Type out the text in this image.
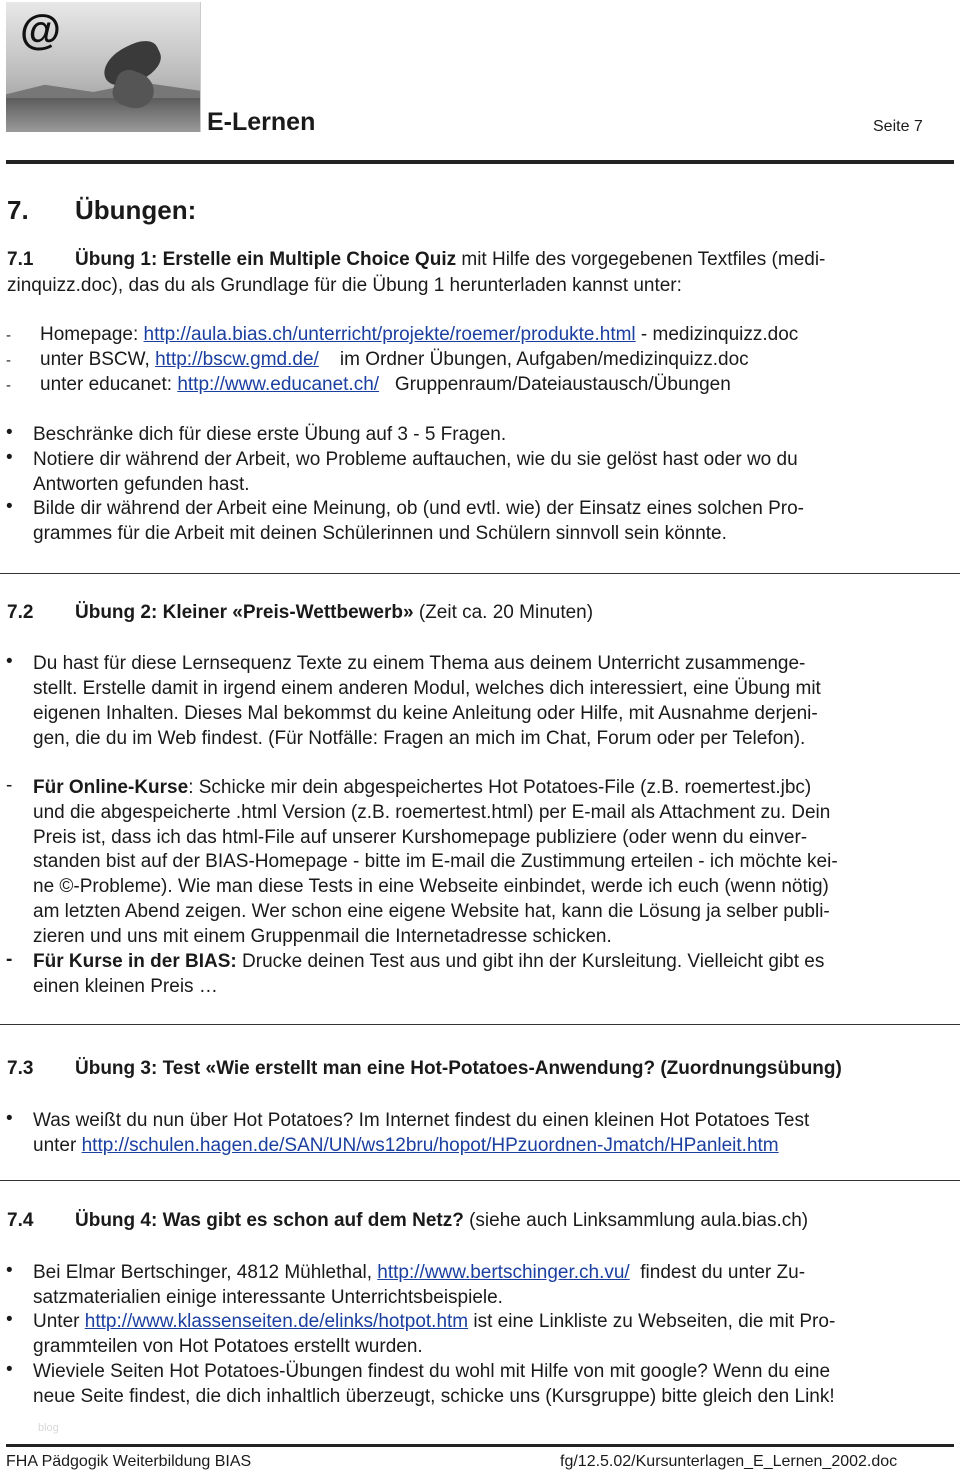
@
E-Lernen	Seite 7
7. Übungen:
7.1 Übung 1: Erstelle ein Multiple Choice Quiz mit Hilfe des vorgegebenen Textfiles (medi-
zinquizz.doc), das du als Grundlage für die Übung 1 herunterladen kannst unter:
- Homepage: http://aula.bias.ch/unterricht/projekte/roemer/produkte.html - medizinquizz.doc
- unter BSCW, http://bscw.gmd.de/    im Ordner Übungen, Aufgaben/medizinquizz.doc
- unter educanet: http://www.educanet.ch/   Gruppenraum/Dateiaustausch/Übungen
• Beschränke dich für diese erste Übung auf 3 - 5 Fragen.
• Notiere dir während der Arbeit, wo Probleme auftauchen, wie du sie gelöst hast oder wo du
Antworten gefunden hast.
• Bilde dir während der Arbeit eine Meinung, ob (und evtl. wie) der Einsatz eines solchen Pro-
grammes für die Arbeit mit deinen Schülerinnen und Schülern sinnvoll sein könnte.
7.2 Übung 2: Kleiner «Preis-Wettbewerb» (Zeit ca. 20 Minuten)
• Du hast für diese Lernsequenz Texte zu einem Thema aus deinem Unterricht zusammenge-
stellt. Erstelle damit in irgend einem anderen Modul, welches dich interessiert, eine Übung mit
eigenen Inhalten. Dieses Mal bekommst du keine Anleitung oder Hilfe, mit Ausnahme derjeni-
gen, die du im Web findest. (Für Notfälle: Fragen an mich im Chat, Forum oder per Telefon).
- Für Online-Kurse: Schicke mir dein abgespeichertes Hot Potatoes-File (z.B. roemertest.jbc)
und die abgespeicherte .html Version (z.B. roemertest.html) per E-mail als Attachment zu. Dein
Preis ist, dass ich das html-File auf unserer Kurshomepage publiziere (oder wenn du einver-
standen bist auf der BIAS-Homepage - bitte im E-mail die Zustimmung erteilen - ich möchte kei-
ne ©-Probleme). Wie man diese Tests in eine Webseite einbindet, werde ich euch (wenn nötig)
am letzten Abend zeigen. Wer schon eine eigene Website hat, kann die Lösung ja selber publi-
zieren und uns mit einem Gruppenmail die Internetadresse schicken.
- Für Kurse in der BIAS: Drucke deinen Test aus und gibt ihn der Kursleitung. Vielleicht gibt es
einen kleinen Preis …
7.3 Übung 3: Test «Wie erstellt man eine Hot-Potatoes-Anwendung? (Zuordnungsübung)
• Was weißt du nun über Hot Potatoes? Im Internet findest du einen kleinen Hot Potatoes Test
unter http://schulen.hagen.de/SAN/UN/ws12bru/hopot/HPzuordnen-Jmatch/HPanleit.htm
7.4 Übung 4: Was gibt es schon auf dem Netz? (siehe auch Linksammlung aula.bias.ch)
• Bei Elmar Bertschinger, 4812 Mühlethal, http://www.bertschinger.ch.vu/  findest du unter Zu-
satzmaterialien einige interessante Unterrichtsbeispiele.
• Unter http://www.klassenseiten.de/elinks/hotpot.htm ist eine Linkliste zu Webseiten, die mit Pro-
grammteilen von Hot Potatoes erstellt wurden.
• Wieviele Seiten Hot Potatoes-Übungen findest du wohl mit Hilfe von mit google? Wenn du eine
neue Seite findest, die dich inhaltlich überzeugt, schicke uns (Kursgruppe) bitte gleich den Link!
blog
FHA Pädgogik Weiterbildung BIAS	fg/12.5.02/Kursunterlagen_E_Lernen_2002.doc
